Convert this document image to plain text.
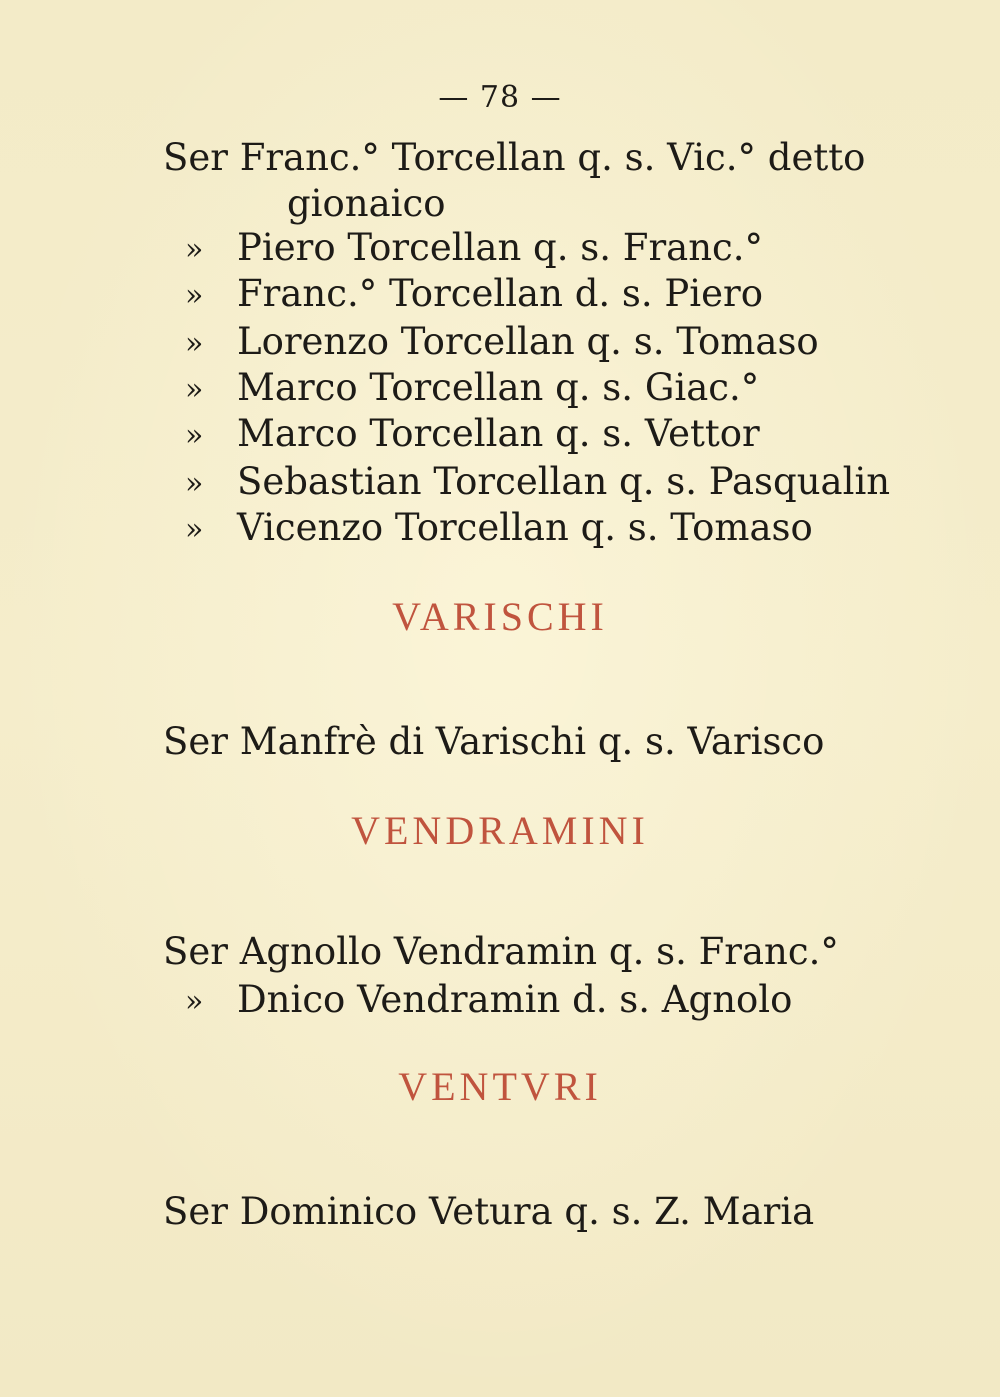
— 78 —
Ser Franc.° Torcellan q. s. Vic.° detto
gionaico
» Piero Torcellan q. s. Franc.°
» Franc.° Torcellan d. s. Piero
» Lorenzo Torcellan q. s. Tomaso
» Marco Torcellan q. s. Giac.°
» Marco Torcellan q. s. Vettor
» Sebastian Torcellan q. s. Pasqualin
» Vicenzo Torcellan q. s. Tomaso
VARISCHI
Ser Manfrè di Varischi q. s. Varisco
VENDRAMINI
Ser Agnollo Vendramin q. s. Franc.°
» Dnico Vendramin d. s. Agnolo
VENTVRI
Ser Dominico Vetura q. s. Z. Maria
